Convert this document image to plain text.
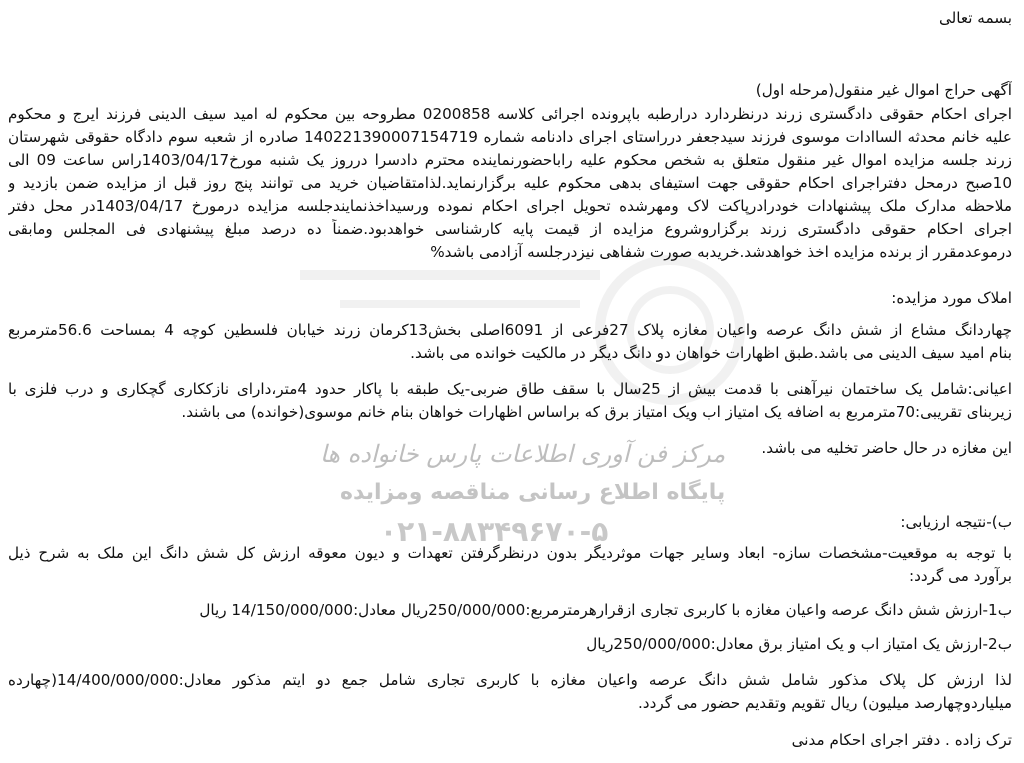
مرکز فن آوری اطلاعات پارس خانواده ها
پایگاه اطلاع رسانی مناقصه ومزایده
۰۲۱-۸۸۳۴۹۶۷۰-۵
بسمه تعالی
آگهی حراج اموال غیر منقول(مرحله اول)
اجرای احکام حقوقی دادگستری زرند درنظردارد درارطبه باپرونده اجرائی کلاسه 0200858 مطروحه بین محکوم له امید سیف الدینی فرزند ایرج و محکوم
علیه خانم محدثه الساادات موسوی فرزند سیدجعفر درراستای اجرای دادنامه شماره 140221390007154719 صادره از شعبه سوم دادگاه حقوقی شهرستان
زرند جلسه مزایده اموال غیر منقول متعلق به شخص محکوم علیه راباحضورنماینده محترم دادسرا درروز یک شنبه مورخ1403/04/17راس ساعت 09 الی
10صبح درمحل دفتراجرای احکام حقوقی جهت استیفای بدهی محکوم علیه برگزارنماید.لذامتقاضیان خرید می توانند پنج روز قبل از مزایده ضمن بازدید و
ملاحظه مدارک ملک پیشنهادات خودرادرپاکت لاک ومهرشده تحویل اجرای احکام نموده ورسیداخذنمایندجلسه مزایده درمورخ 1403/04/17در محل دفتر
اجرای احکام حقوقی دادگستری زرند برگزاروشروع مزایده از قیمت پایه کارشناسی خواهدبود.ضمناً ده درصد مبلغ پیشنهادی فی المجلس ومابقی
درموعدمقرر از برنده مزایده اخذ خواهدشد.خریدبه صورت شفاهی نیزدرجلسه آزادمی باشد%
املاک مورد مزایده:
چهاردانگ مشاع از شش دانگ عرصه واعیان مغازه پلاک 27فرعی از 6091اصلی بخش13کرمان زرند خیابان فلسطین کوچه 4 بمساحت 56.6مترمربع
بنام امید سیف الدینی می باشد.طبق اظهارات خواهان دو دانگ دیگر در مالکیت خوانده می باشد.
اعیانی:شامل یک ساختمان نیرآهنی با قدمت بیش از 25سال با سقف طاق ضربی-یک طبقه با پاکار حدود 4متر،دارای نازککاری گچکاری و درب فلزی با
زیربنای تقریبی:70مترمربع به اضافه یک امتیاز اب ویک امتیاز برق که براساس اظهارات خواهان بنام خانم موسوی(خوانده) می باشند.
این مغازه در حال حاضر تخلیه می باشد.
ب)-نتیجه ارزیابی:
با توجه به موقعیت-مشخصات سازه- ابعاد وسایر جهات موثردیگر بدون درنظرگرفتن تعهدات و دیون معوقه ارزش کل شش دانگ این ملک به شرح ذیل
برآورد می گردد:
ب1-ارزش شش دانگ عرصه واعیان مغازه با کاربری تجاری ازقرارهرمترمربع:250/000/000ریال معادل:14/150/000/000 ریال
ب2-ارزش یک امتیاز اب و یک امتیاز برق معادل:250/000/000ریال
لذا ارزش کل پلاک مذکور شامل شش دانگ عرصه واعیان مغازه با کاربری تجاری شامل جمع دو ایتم مذکور معادل:14/400/000/000(چهارده
میلیاردوچهارصد میلیون) ریال تقویم وتقدیم حضور می گردد.
ترک زاده . دفتر اجرای احکام مدنی
